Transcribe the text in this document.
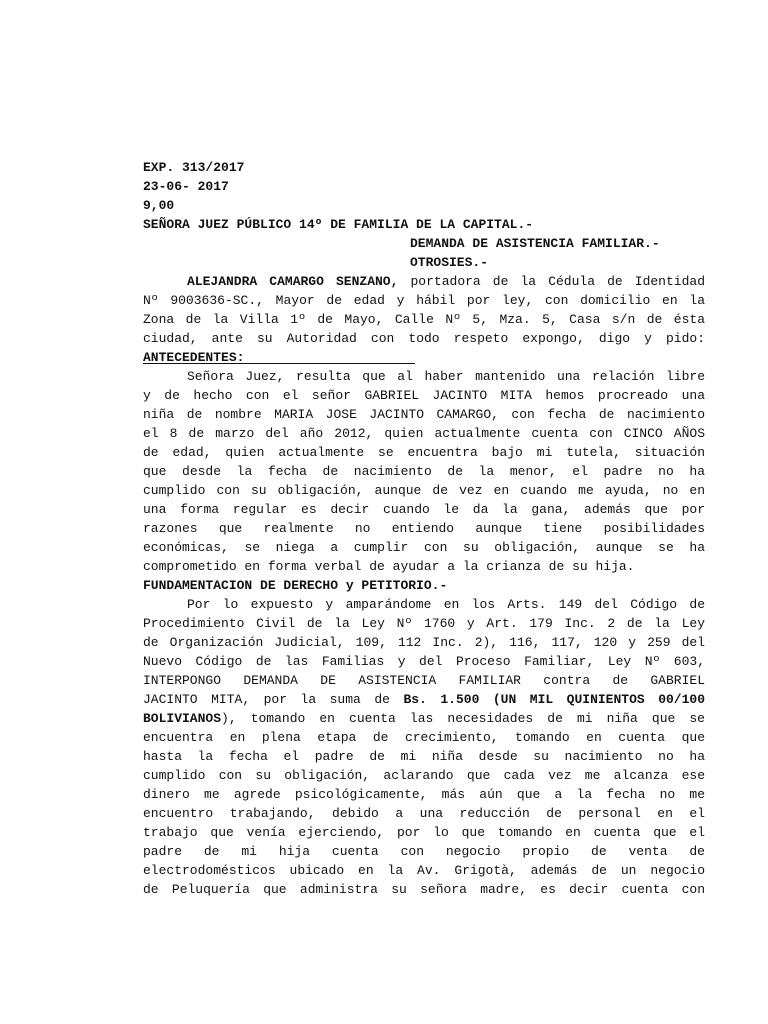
EXP. 313/2017
23-06- 2017
9,00
SEÑORA JUEZ PÚBLICO 14º DE FAMILIA DE LA CAPITAL.-
DEMANDA DE ASISTENCIA FAMILIAR.-
OTROSIES.-
ALEJANDRA CAMARGO SENZANO, portadora de la Cédula de Identidad
Nº 9003636-SC., Mayor de edad y hábil por ley, con domicilio en la
Zona de la Villa 1º de Mayo, Calle Nº 5, Mza. 5, Casa s/n de ésta
ciudad, ante su Autoridad con todo respeto expongo, digo y pido:
ANTECEDENTES:
Señora Juez, resulta que al haber mantenido una relación libre
y de hecho con el señor GABRIEL JACINTO MITA hemos procreado una
niña de nombre MARIA JOSE JACINTO CAMARGO, con fecha de nacimiento
el 8 de marzo del año 2012, quien actualmente cuenta con CINCO AÑOS
de edad, quien actualmente se encuentra bajo mi tutela, situación
que desde la fecha de nacimiento de la menor, el padre no ha
cumplido con su obligación, aunque de vez en cuando me ayuda, no en
una forma regular es decir cuando le da la gana, además que por
razones que realmente no entiendo aunque tiene posibilidades
económicas, se niega a cumplir con su obligación, aunque se ha
comprometido en forma verbal de ayudar a la crianza de su hija.
FUNDAMENTACION DE DERECHO y PETITORIO.-
Por lo expuesto y amparándome en los Arts. 149 del Código de
Procedimiento Civil de la Ley Nº 1760 y Art. 179 Inc. 2 de la Ley
de Organización Judicial, 109, 112 Inc. 2), 116, 117, 120 y 259 del
Nuevo Código de las Familias y del Proceso Familiar, Ley Nº 603,
INTERPONGO DEMANDA DE ASISTENCIA FAMILIAR contra de GABRIEL
JACINTO MITA, por la suma de Bs. 1.500 (UN MIL QUINIENTOS 00/100
BOLIVIANOS), tomando en cuenta las necesidades de mi niña que se
encuentra en plena etapa de crecimiento, tomando en cuenta que
hasta la fecha el padre de mi niña desde su nacimiento no ha
cumplido con su obligación, aclarando que cada vez me alcanza ese
dinero me agrede psicológicamente, más aún que a la fecha no me
encuentro trabajando, debido a una reducción de personal en el
trabajo que venía ejerciendo, por lo que tomando en cuenta que el
padre de mi hija cuenta con negocio propio de venta de
electrodomésticos ubicado en la Av. Grigotà, además de un negocio
de Peluquería que administra su señora madre, es decir cuenta con
